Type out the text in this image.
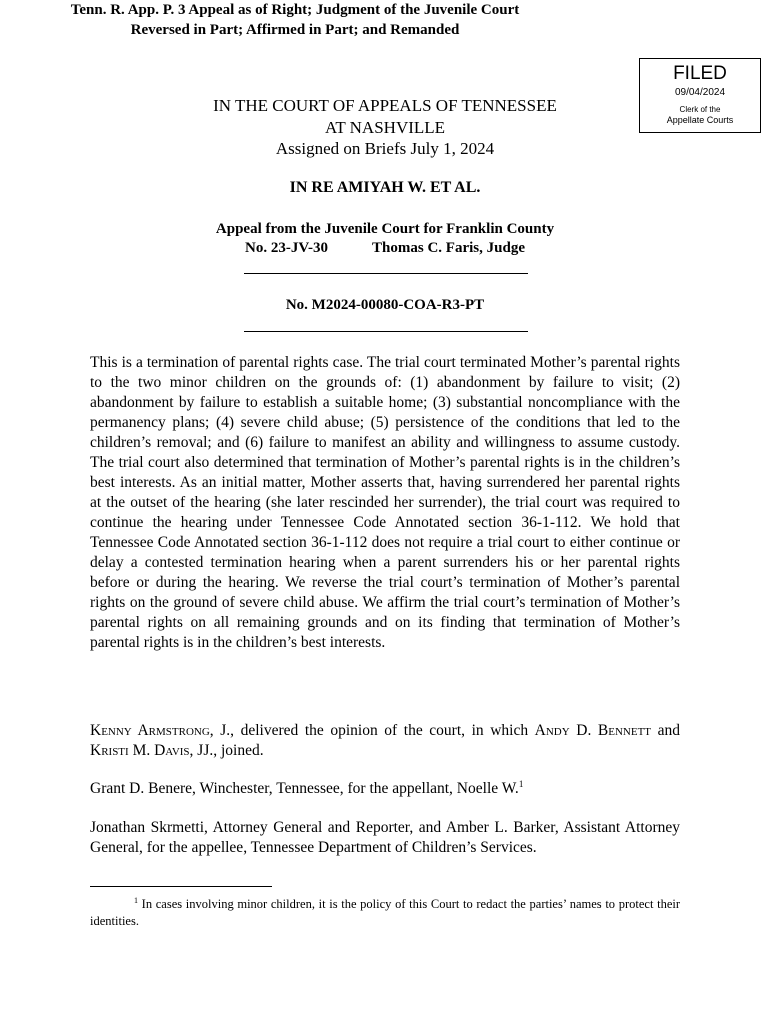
FILED
09/04/2024
Clerk of the
Appellate Courts
IN THE COURT OF APPEALS OF TENNESSEE
AT NASHVILLE
Assigned on Briefs July 1, 2024
IN RE AMIYAH W. ET AL.
Appeal from the Juvenile Court for Franklin County
No. 23-JV-30	Thomas C. Faris, Judge
No. M2024-00080-COA-R3-PT

This is a termination of parental rights case. The trial court terminated Mother’s parental rights to the two minor children on the grounds of: (1) abandonment by failure to visit; (2) abandonment by failure to establish a suitable home; (3) substantial noncompliance with the permanency plans; (4) severe child abuse; (5) persistence of the conditions that led to the children’s removal; and (6) failure to manifest an ability and willingness to assume custody. The trial court also determined that termination of Mother’s parental rights is in the children’s best interests. As an initial matter, Mother asserts that, having surrendered her parental rights at the outset of the hearing (she later rescinded her surrender), the trial court was required to continue the hearing under Tennessee Code Annotated section 36-1-112. We hold that Tennessee Code Annotated section 36-1-112 does not require a trial court to either continue or delay a contested termination hearing when a parent surrenders his or her parental rights before or during the hearing. We reverse the trial court’s termination of Mother’s parental rights on the ground of severe child abuse. We affirm the trial court’s termination of Mother’s parental rights on all remaining grounds and on its finding that termination of Mother’s parental rights is in the children’s best interests.

Tenn. R. App. P. 3 Appeal as of Right; Judgment of the Juvenile Court
Reversed in Part; Affirmed in Part; and Remanded

Kenny Armstrong, J., delivered the opinion of the court, in which Andy D. Bennett and Kristi M. Davis, JJ., joined.

Grant D. Benere, Winchester, Tennessee, for the appellant, Noelle W.$^1$

Jonathan Skrmetti, Attorney General and Reporter, and Amber L. Barker, Assistant Attorney General, for the appellee, Tennessee Department of Children’s Services.

$^1$ In cases involving minor children, it is the policy of this Court to redact the parties’ names to protect their identities.
